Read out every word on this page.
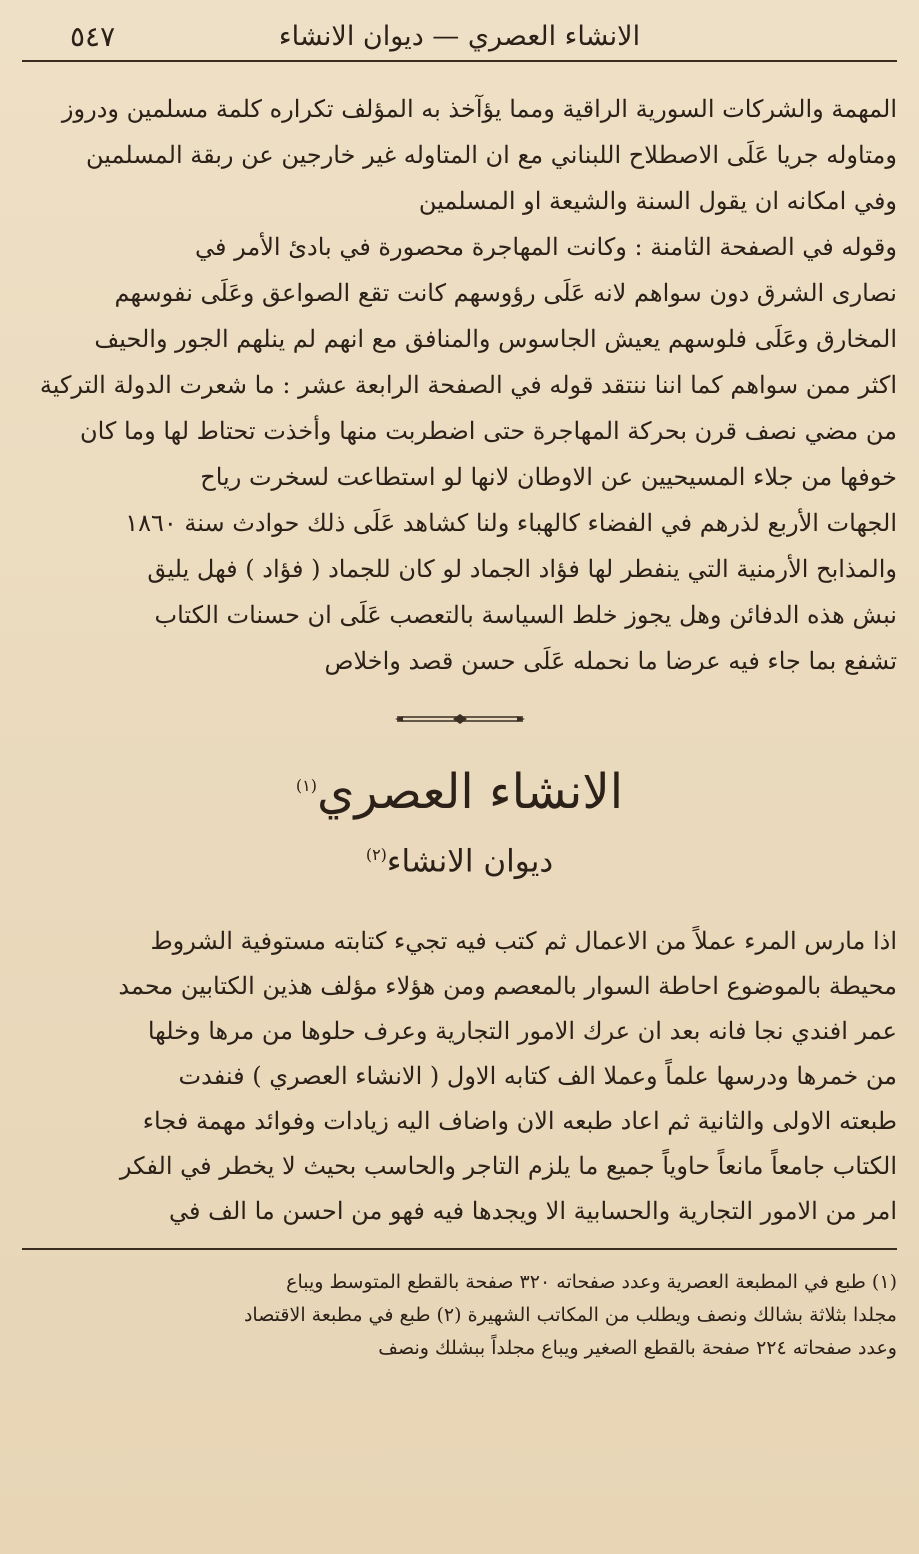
الانشاء العصري — ديوان الانشاء
٥٤٧
المهمة والشركات السورية الراقية ومما يؤآخذ به المؤلف تكراره كلمة مسلمين ودروز
ومتاوله جريا عَلَى الاصطلاح اللبناني مع ان المتاوله غير خارجين عن ربقة المسلمين
وفي امكانه ان يقول السنة والشيعة او المسلمين
وقوله في الصفحة الثامنة : وكانت المهاجرة محصورة في بادئ الأمر في
نصارى الشرق دون سواهم لانه عَلَى رؤوسهم كانت تقع الصواعق وعَلَى نفوسهم
المخارق وعَلَى فلوسهم يعيش الجاسوس والمنافق مع انهم لم ينلهم الجور والحيف
اكثر ممن سواهم كما اننا ننتقد قوله في الصفحة الرابعة عشر : ما شعرت الدولة التركية
من مضي نصف قرن بحركة المهاجرة حتى اضطربت منها وأخذت تحتاط لها وما كان
خوفها من جلاء المسيحيين عن الاوطان لانها لو استطاعت لسخرت رياح
الجهات الأربع لذرهم في الفضاء كالهباء ولنا كشاهد عَلَى ذلك حوادث سنة ١٨٦٠
والمذابح الأرمنية التي ينفطر لها فؤاد الجماد لو كان للجماد ( فؤاد ) فهل يليق
نبش هذه الدفائن وهل يجوز خلط السياسة بالتعصب عَلَى ان حسنات الكتاب
تشفع بما جاء فيه عرضا ما نحمله عَلَى حسن قصد واخلاص
الانشاء العصري$^{(١)}$
ديوان الانشاء$^{(٢)}$
اذا مارس المرء عملاً من الاعمال ثم كتب فيه تجيء كتابته مستوفية الشروط
محيطة بالموضوع احاطة السوار بالمعصم ومن هؤلاء مؤلف هذين الكتابين محمد
عمر افندي نجا فانه بعد ان عرك الامور التجارية وعرف حلوها من مرها وخلها
من خمرها ودرسها علماً وعملا الف كتابه الاول ( الانشاء العصري ) فنفدت
طبعته الاولى والثانية ثم اعاد طبعه الان واضاف اليه زيادات وفوائد مهمة فجاء
الكتاب جامعاً مانعاً حاوياً جميع ما يلزم التاجر والحاسب بحيث لا يخطر في الفكر
امر من الامور التجارية والحسابية الا ويجدها فيه فهو من احسن ما الف في
(١) طبع في المطبعة العصرية وعدد صفحاته ٣٢٠ صفحة بالقطع المتوسط ويباع
مجلدا بثلاثة بشالك ونصف ويطلب من المكاتب الشهيرة (٢) طبع في مطبعة الاقتصاد
وعدد صفحاته ٢٢٤ صفحة بالقطع الصغير ويباع مجلداً ببشلك ونصف
